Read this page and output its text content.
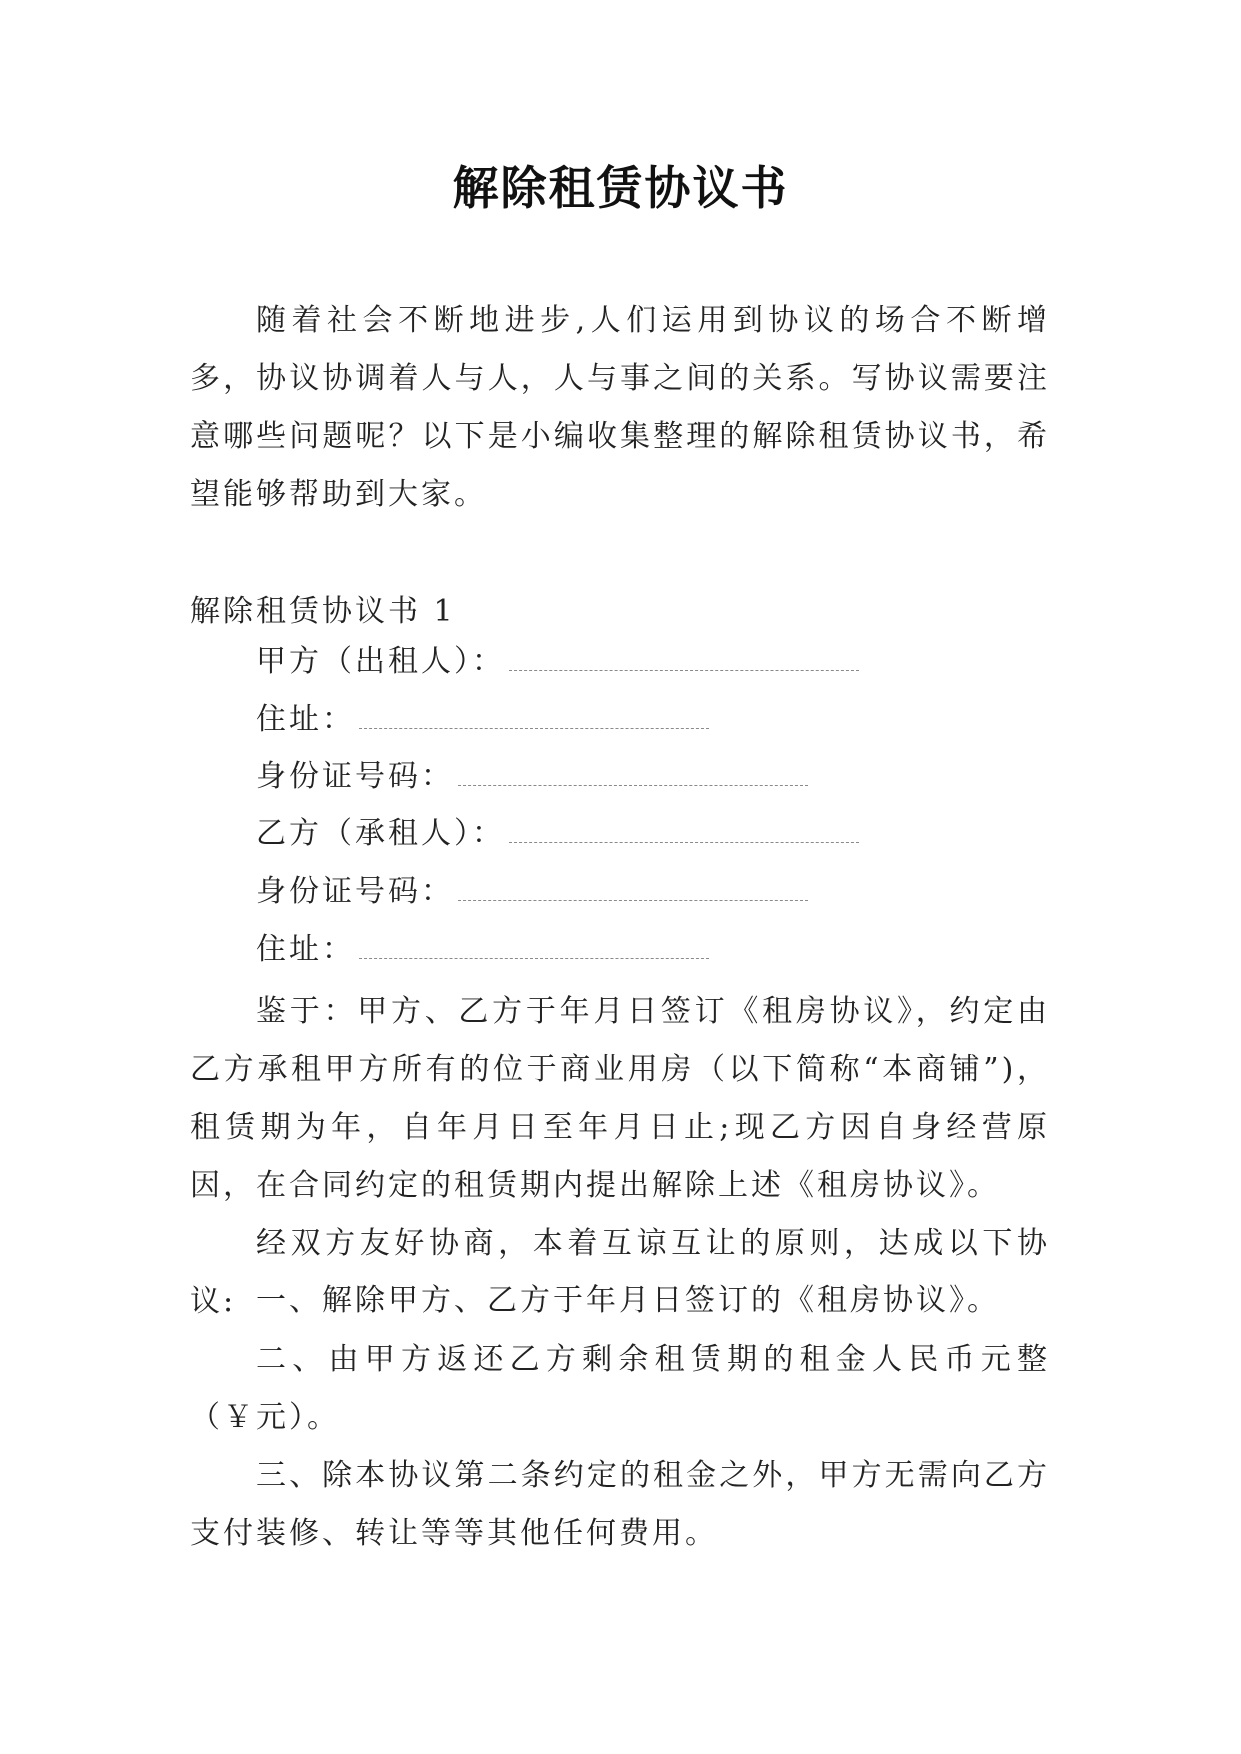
解除租赁协议书

随着社会不断地进步,人们运用到协议的场合不断增多，协议协调着人与人，人与事之间的关系。写协议需要注意哪些问题呢？以下是小编收集整理的解除租赁协议书，希望能够帮助到大家。

解除租赁协议书 1
甲方（出租人）：
住址：
身份证号码：
乙方（承租人）：
身份证号码：
住址：

鉴于：甲方、乙方于年月日签订《租房协议》，约定由乙方承租甲方所有的位于商业用房（以下简称“本商铺”)，租赁期为年，自年月日至年月日止;现乙方因自身经营原因，在合同约定的租赁期内提出解除上述《租房协议》。

经双方友好协商，本着互谅互让的原则，达成以下协议: 一、解除甲方、乙方于年月日签订的《租房协议》。

二、由甲方返还乙方剩余租赁期的租金人民币元整（￥元）。

三、除本协议第二条约定的租金之外，甲方无需向乙方支付装修、转让等等其他任何费用。
